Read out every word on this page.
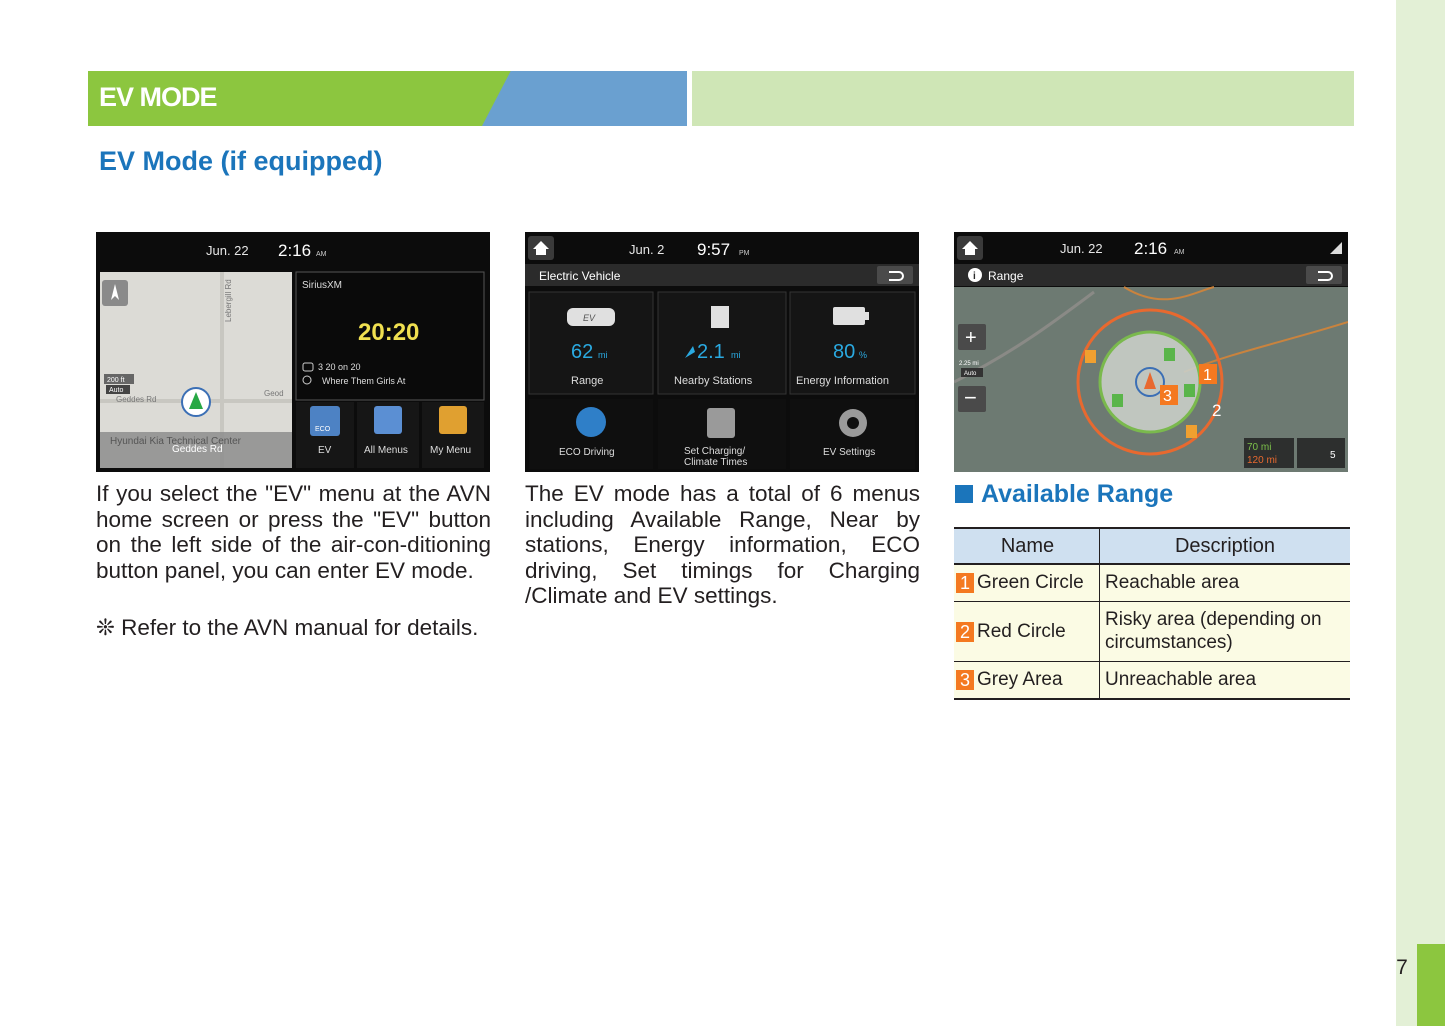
7
EV MODE
EV Mode (if equipped)
Jun. 22 2:16 AM
Lebergill Rd
Geddes Rd
Geod
200 ft
Auto
Hyundai Kia Technical Center
Geddes Rd
SiriusXM
20:20
3 20 on 20
Where Them Girls At
ECO
EV	All Menus My Menu
Jun. 2 9:57 PM
Electric Vehicle
EV
62 mi
Range
2.1 mi
Nearby Stations
80 %
Energy Information
ECO Driving	Set Charging/
Climate Times
EV Settings
Jun. 22 2:16 AM
i Range
1
2
3
+
2.25 mi
Auto
−
70 mi
120 mi	5
If you select the "EV" menu at the AVN home screen or press the "EV" button on the left side of the air-con-ditioning button panel, you can enter EV mode.
❊ Refer to the AVN manual for details.
The EV mode has a total of 6 menus including Available Range, Near by stations, Energy information, ECO driving, Set timings for Charging /Climate and EV settings.
Available Range
Name	Description
1 Green Circle	Reachable area
2 Red Circle	Risky area (depending on circumstances)
3 Grey Area	Unreachable area
